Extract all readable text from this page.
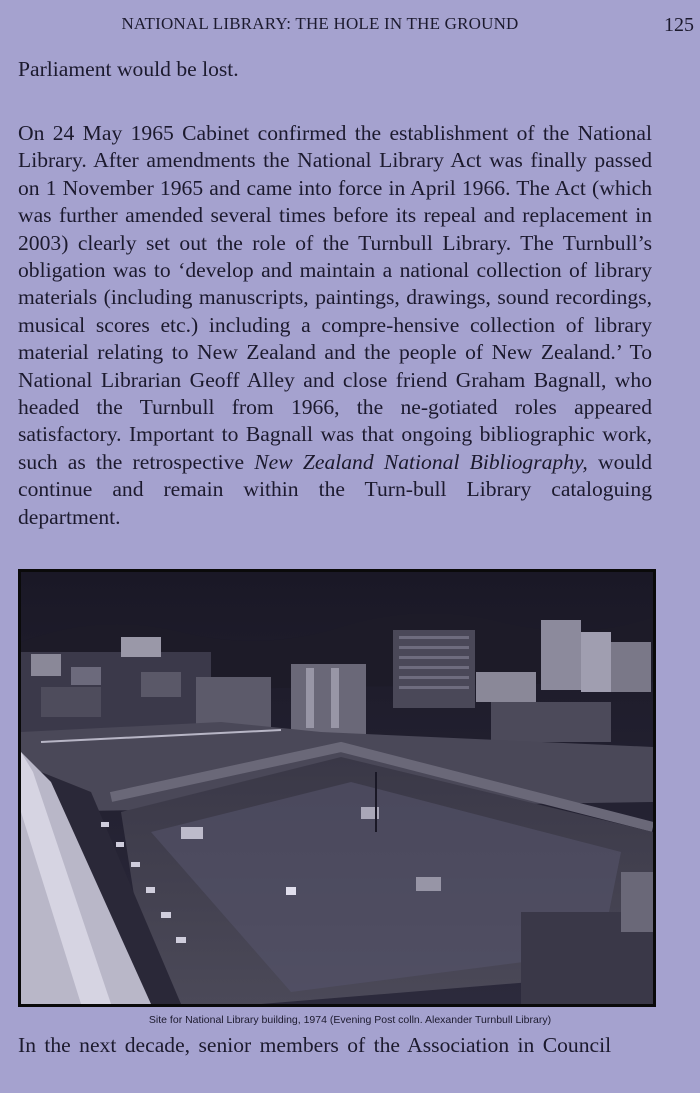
NATIONAL LIBRARY: THE HOLE IN THE GROUND	125

Parliament would be lost.

On 24 May 1965 Cabinet confirmed the establishment of the National Library. After amendments the National Library Act was finally passed on 1 November 1965 and came into force in April 1966. The Act (which was further amended several times before its repeal and replacement in 2003) clearly set out the role of the Turnbull Library. The Turnbull’s obligation was to ‘develop and maintain a national collection of library materials (including manuscripts, paintings, drawings, sound recordings, musical scores etc.) including a compre-hensive collection of library material relating to New Zealand and the people of New Zealand.’ To National Librarian Geoff Alley and close friend Graham Bagnall, who headed the Turnbull from 1966, the ne-gotiated roles appeared satisfactory. Important to Bagnall was that ongoing bibliographic work, such as the retrospective New Zealand National Bibliography, would continue and remain within the Turn-bull Library cataloguing department.

Site for National Library building, 1974 (Evening Post colln. Alexander Turnbull Library)

In the next decade, senior members of the Association in Council
